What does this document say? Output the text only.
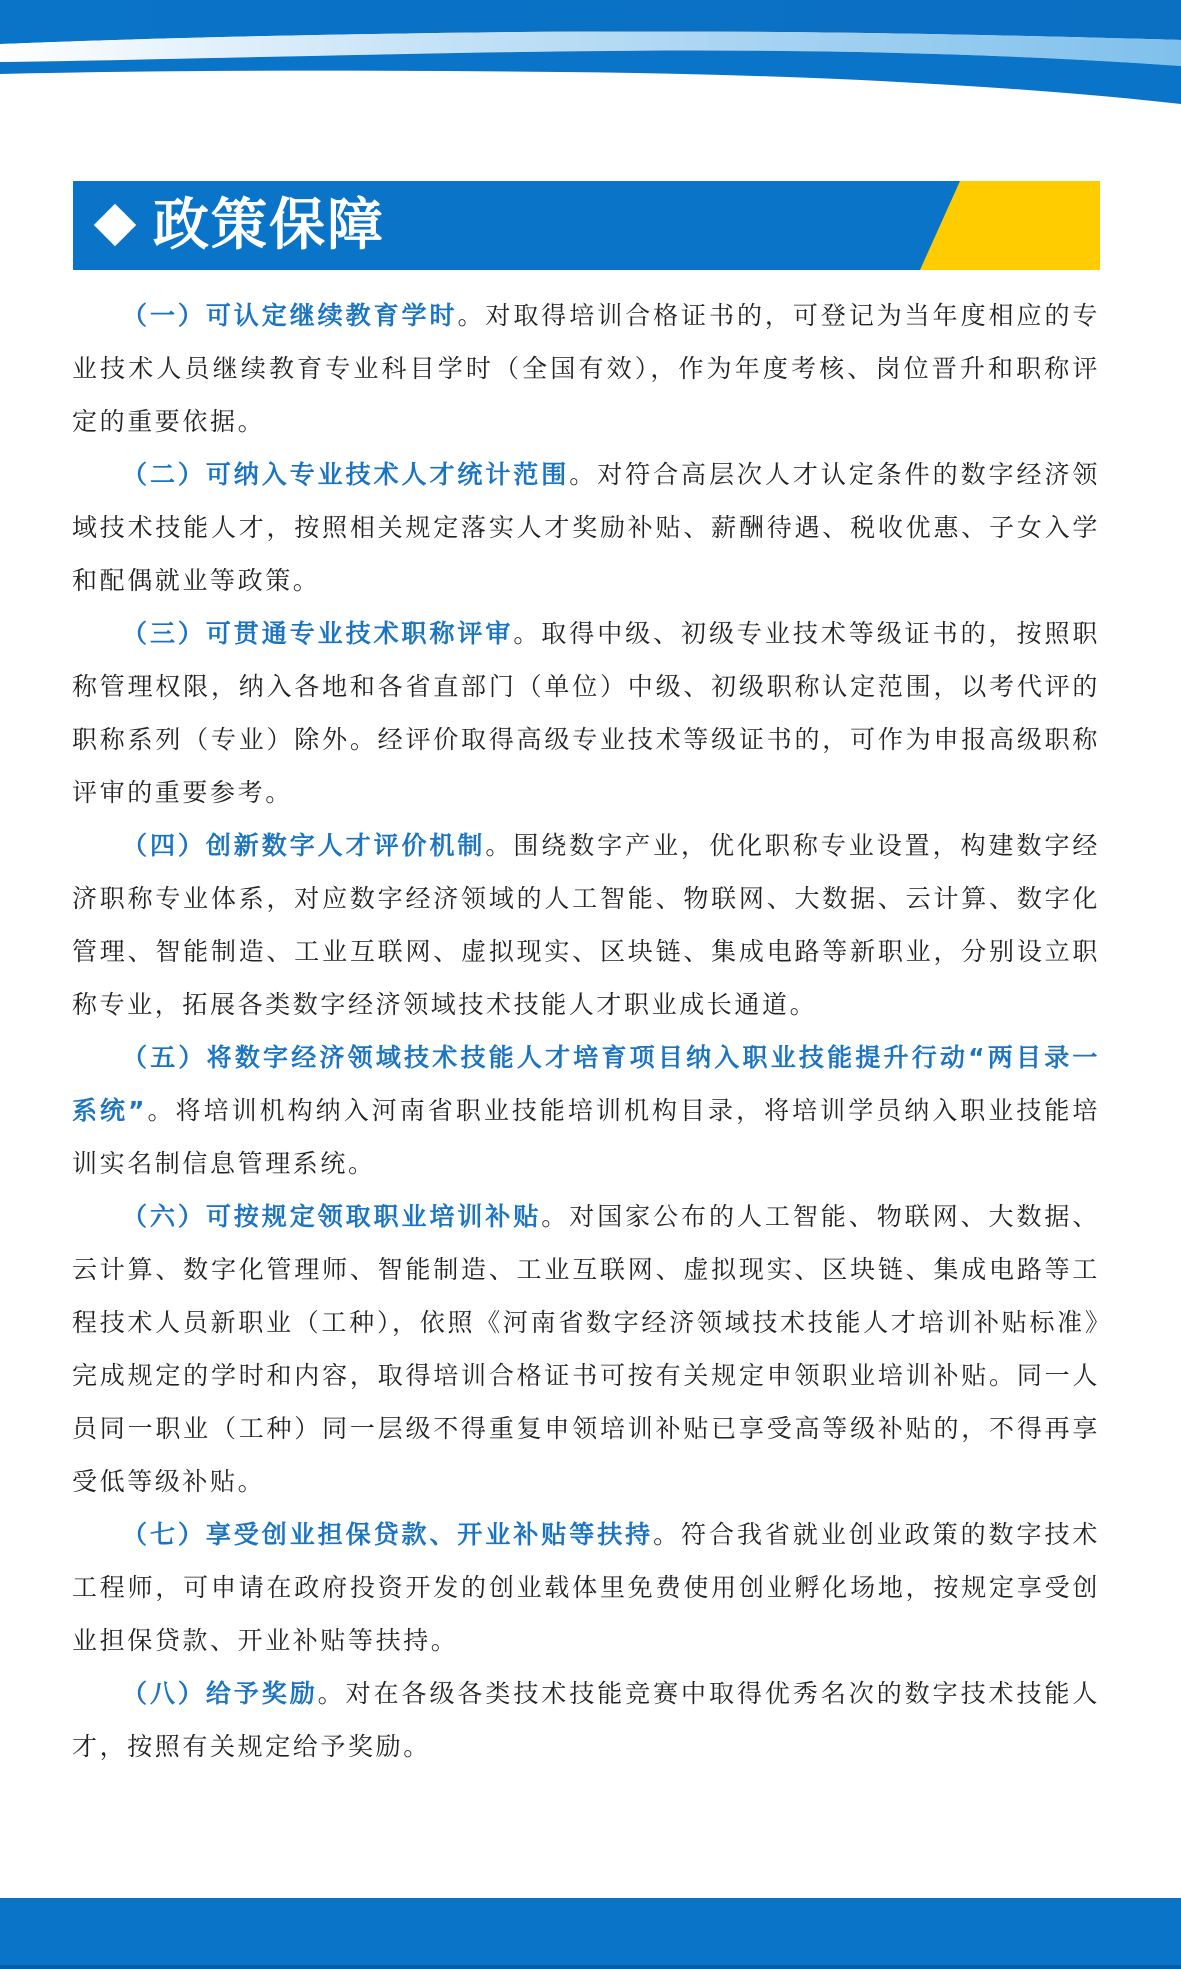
政策保障

（一）可认定继续教育学时。对取得培训合格证书的，可登记为当年度相应的专业技术人员继续教育专业科目学时（全国有效），作为年度考核、岗位晋升和职称评定的重要依据。

（二）可纳入专业技术人才统计范围。对符合高层次人才认定条件的数字经济领域技术技能人才，按照相关规定落实人才奖励补贴、薪酬待遇、税收优惠、子女入学和配偶就业等政策。

（三）可贯通专业技术职称评审。取得中级、初级专业技术等级证书的，按照职称管理权限，纳入各地和各省直部门（单位）中级、初级职称认定范围，以考代评的职称系列（专业）除外。经评价取得高级专业技术等级证书的，可作为申报高级职称评审的重要参考。

（四）创新数字人才评价机制。围绕数字产业，优化职称专业设置，构建数字经济职称专业体系，对应数字经济领域的人工智能、物联网、大数据、云计算、数字化管理、智能制造、工业互联网、虚拟现实、区块链、集成电路等新职业，分别设立职称专业，拓展各类数字经济领域技术技能人才职业成长通道。

（五）将数字经济领域技术技能人才培育项目纳入职业技能提升行动“两目录一系统”。将培训机构纳入河南省职业技能培训机构目录，将培训学员纳入职业技能培训实名制信息管理系统。

（六）可按规定领取职业培训补贴。对国家公布的人工智能、物联网、大数据、云计算、数字化管理师、智能制造、工业互联网、虚拟现实、区块链、集成电路等工程技术人员新职业（工种），依照《河南省数字经济领域技术技能人才培训补贴标准》完成规定的学时和内容，取得培训合格证书可按有关规定申领职业培训补贴。同一人员同一职业（工种）同一层级不得重复申领培训补贴已享受高等级补贴的，不得再享受低等级补贴。

（七）享受创业担保贷款、开业补贴等扶持。符合我省就业创业政策的数字技术工程师，可申请在政府投资开发的创业载体里免费使用创业孵化场地，按规定享受创业担保贷款、开业补贴等扶持。

（八）给予奖励。对在各级各类技术技能竞赛中取得优秀名次的数字技术技能人才，按照有关规定给予奖励。
